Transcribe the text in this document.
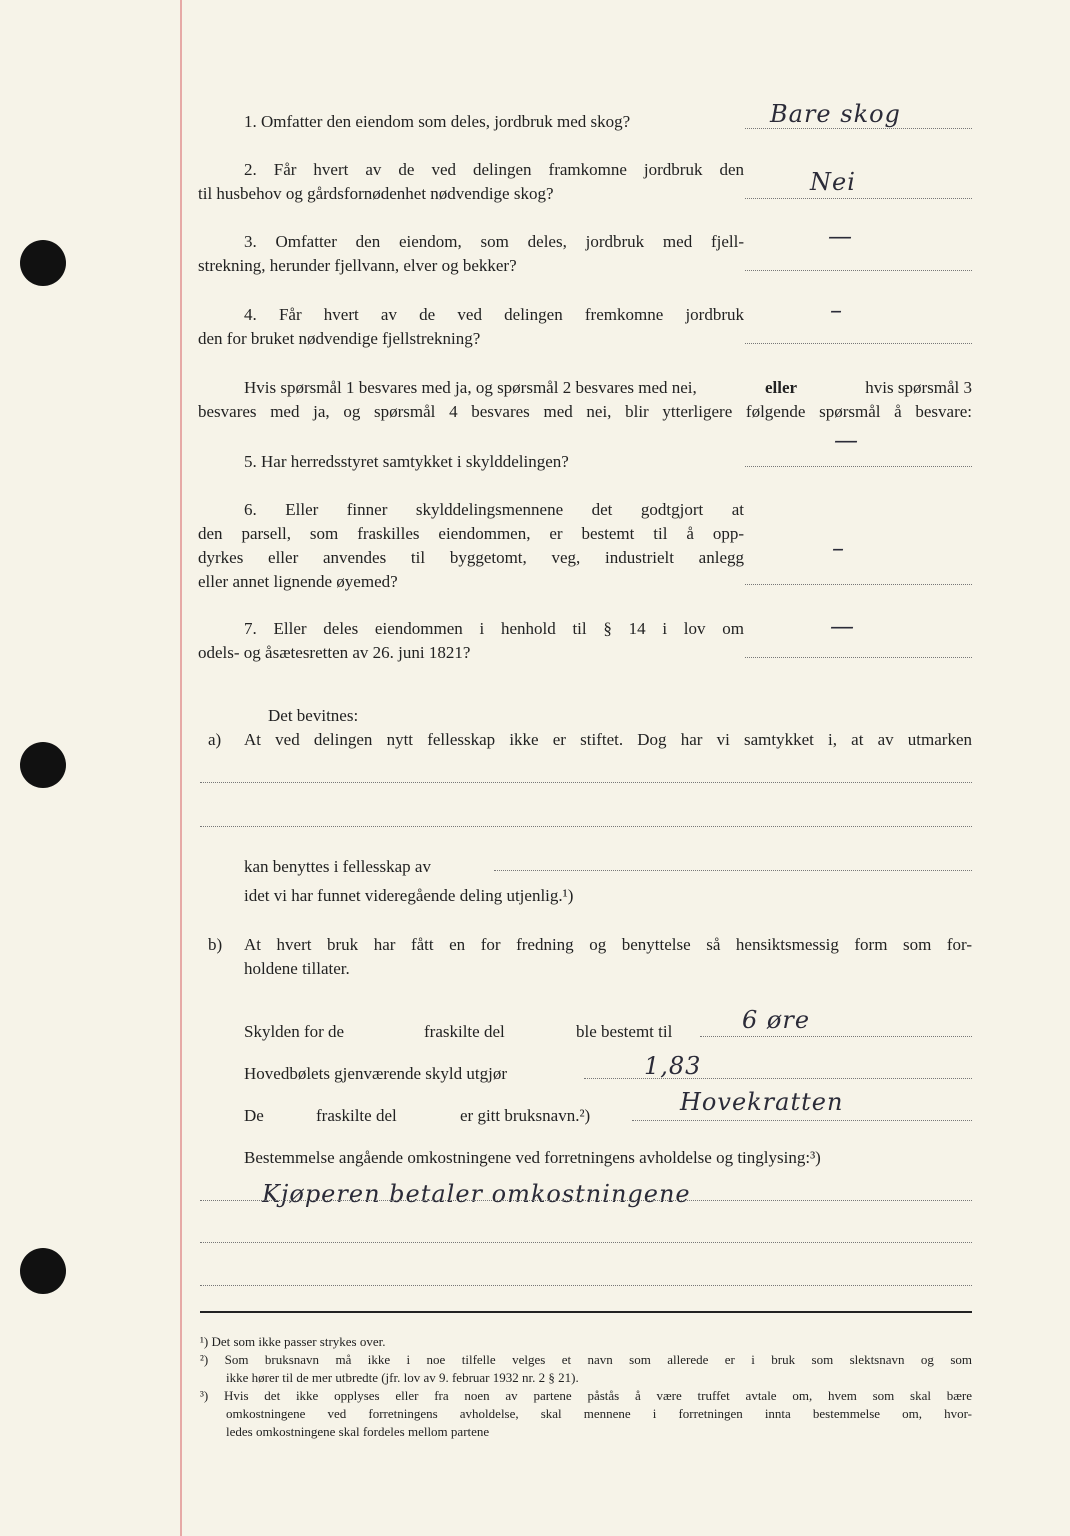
1. Omfatter den eiendom som deles, jordbruk med skog?	Bare skog
2. Får hvert av de ved delingen framkomne jordbruk den
til husbehov og gårdsfornødenhet nødvendige skog?	Nei
3. Omfatter den eiendom, som deles, jordbruk med fjell-
strekning, herunder fjellvann, elver og bekker?
—
4. Får hvert av de ved delingen fremkomne jordbruk
den for bruket nødvendige fjellstrekning?
–
Hvis spørsmål 1 besvares med ja, og spørsmål 2 besvares med nei,	eller	hvis spørsmål 3
besvares med ja, og spørsmål 4 besvares med nei, blir ytterligere følgende spørsmål å besvare:
5. Har herredsstyret samtykket i skylddelingen?
—
6. Eller finner skylddelingsmennene det godtgjort at
den parsell, som fraskilles eiendommen, er bestemt til å opp-
dyrkes eller anvendes til byggetomt, veg, industrielt anlegg
eller annet lignende øyemed?
–
7. Eller deles eiendommen i henhold til § 14 i lov om
odels- og åsætesretten av 26. juni 1821?
—
Det bevitnes:
a) At ved delingen nytt fellesskap ikke er stiftet. Dog har vi samtykket i, at av utmarken
kan benyttes i fellesskap av
idet vi har funnet videregående deling utjenlig.¹)
b) At hvert bruk har fått en for fredning og benyttelse så hensiktsmessig form som for-
holdene tillater.
Skylden for de	fraskilte del	ble bestemt til	6 øre
Hovedbølets gjenværende skyld utgjør	1,83
De	fraskilte del	er gitt bruksnavn.²)	Hovekratten
Bestemmelse angående omkostningene ved forretningens avholdelse og tinglysing:³)
Kjøperen betaler omkostningene
¹) Det som ikke passer strykes over.
²) Som bruksnavn må ikke i noe tilfelle velges et navn som allerede er i bruk som slektsnavn og som
ikke hører til de mer utbredte (jfr. lov av 9. februar 1932 nr. 2 § 21).
³) Hvis det ikke opplyses eller fra noen av partene påstås å være truffet avtale om, hvem som skal bære
omkostningene ved forretningens avholdelse, skal mennene i forretningen innta bestemmelse om, hvor-
ledes omkostningene skal fordeles mellom partene
